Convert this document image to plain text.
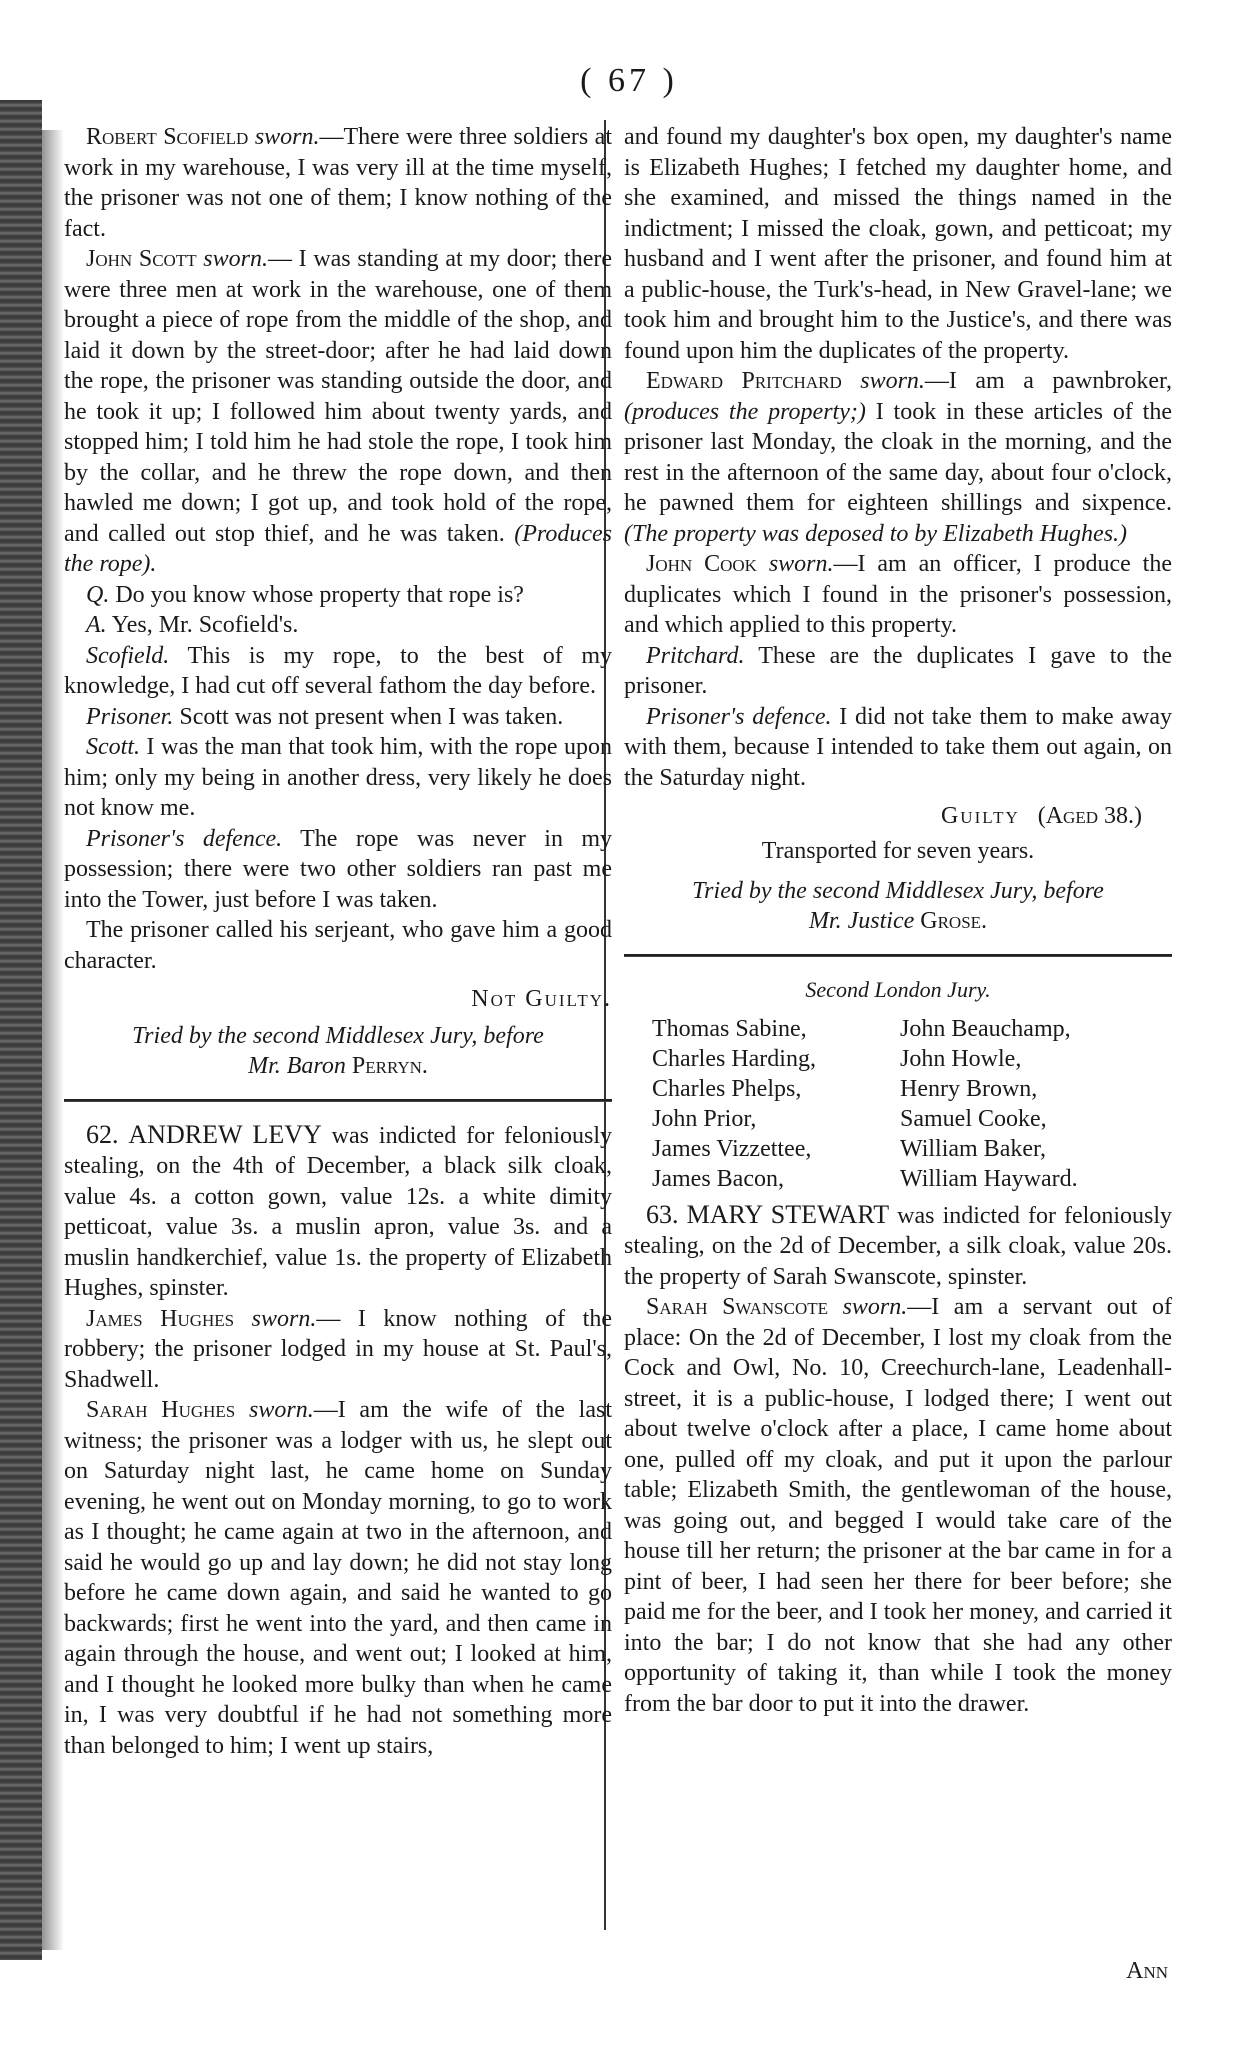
( 67 )

Robert Scofield sworn.—There were three soldiers at work in my warehouse, I was very ill at the time myself, the prisoner was not one of them; I know nothing of the fact.

John Scott sworn.— I was standing at my door; there were three men at work in the warehouse, one of them brought a piece of rope from the middle of the shop, and laid it down by the street-door; after he had laid down the rope, the prisoner was standing outside the door, and he took it up; I followed him about twenty yards, and stopped him; I told him he had stole the rope, I took him by the collar, and he threw the rope down, and then hawled me down; I got up, and took hold of the rope, and called out stop thief, and he was taken. (Produces the rope).

Q. Do you know whose property that rope is?

A. Yes, Mr. Scofield's.

Scofield. This is my rope, to the best of my knowledge, I had cut off several fathom the day before.

Prisoner. Scott was not present when I was taken.

Scott. I was the man that took him, with the rope upon him; only my being in another dress, very likely he does not know me.

Prisoner's defence. The rope was never in my possession; there were two other soldiers ran past me into the Tower, just before I was taken.

The prisoner called his serjeant, who gave him a good character.

Not Guilty.
Tried by the second Middlesex Jury, before
Mr. Baron Perryn.

62. ANDREW LEVY was indicted for feloniously stealing, on the 4th of December, a black silk cloak, value 4s. a cotton gown, value 12s. a white dimity petticoat, value 3s. a muslin apron, value 3s. and a muslin handkerchief, value 1s. the property of Elizabeth Hughes, spinster.

James Hughes sworn.— I know nothing of the robbery; the prisoner lodged in my house at St. Paul's, Shadwell.

Sarah Hughes sworn.—I am the wife of the last witness; the prisoner was a lodger with us, he slept out on Saturday night last, he came home on Sunday evening, he went out on Monday morning, to go to work as I thought; he came again at two in the afternoon, and said he would go up and lay down; he did not stay long before he came down again, and said he wanted to go backwards; first he went into the yard, and then came in again through the house, and went out; I looked at him, and I thought he looked more bulky than when he came in, I was very doubtful if he had not something more than belonged to him; I went up stairs,

and found my daughter's box open, my daughter's name is Elizabeth Hughes; I fetched my daughter home, and she examined, and missed the things named in the indictment; I missed the cloak, gown, and petticoat; my husband and I went after the prisoner, and found him at a public-house, the Turk's-head, in New Gravel-lane; we took him and brought him to the Justice's, and there was found upon him the duplicates of the property.

Edward Pritchard sworn.—I am a pawnbroker, (produces the property;) I took in these articles of the prisoner last Monday, the cloak in the morning, and the rest in the afternoon of the same day, about four o'clock, he pawned them for eighteen shillings and sixpence. (The property was deposed to by Elizabeth Hughes.)

John Cook sworn.—I am an officer, I produce the duplicates which I found in the prisoner's possession, and which applied to this property.

Pritchard. These are the duplicates I gave to the prisoner.

Prisoner's defence. I did not take them to make away with them, because I intended to take them out again, on the Saturday night.

Guilty (Aged 38.)
Transported for seven years.
Tried by the second Middlesex Jury, before
Mr. Justice Grose.
Second London Jury.
Thomas Sabine,	John Beauchamp,
Charles Harding,	John Howle,
Charles Phelps,	Henry Brown,
John Prior,	Samuel Cooke,
James Vizzettee,	William Baker,
James Bacon,	William Hayward.

63. MARY STEWART was indicted for feloniously stealing, on the 2d of December, a silk cloak, value 20s. the property of Sarah Swanscote, spinster.

Sarah Swanscote sworn.—I am a servant out of place: On the 2d of December, I lost my cloak from the Cock and Owl, No. 10, Creechurch-lane, Leadenhall-street, it is a public-house, I lodged there; I went out about twelve o'clock after a place, I came home about one, pulled off my cloak, and put it upon the parlour table; Elizabeth Smith, the gentlewoman of the house, was going out, and begged I would take care of the house till her return; the prisoner at the bar came in for a pint of beer, I had seen her there for beer before; she paid me for the beer, and I took her money, and carried it into the bar; I do not know that she had any other opportunity of taking it, than while I took the money from the bar door to put it into the drawer.

Ann
